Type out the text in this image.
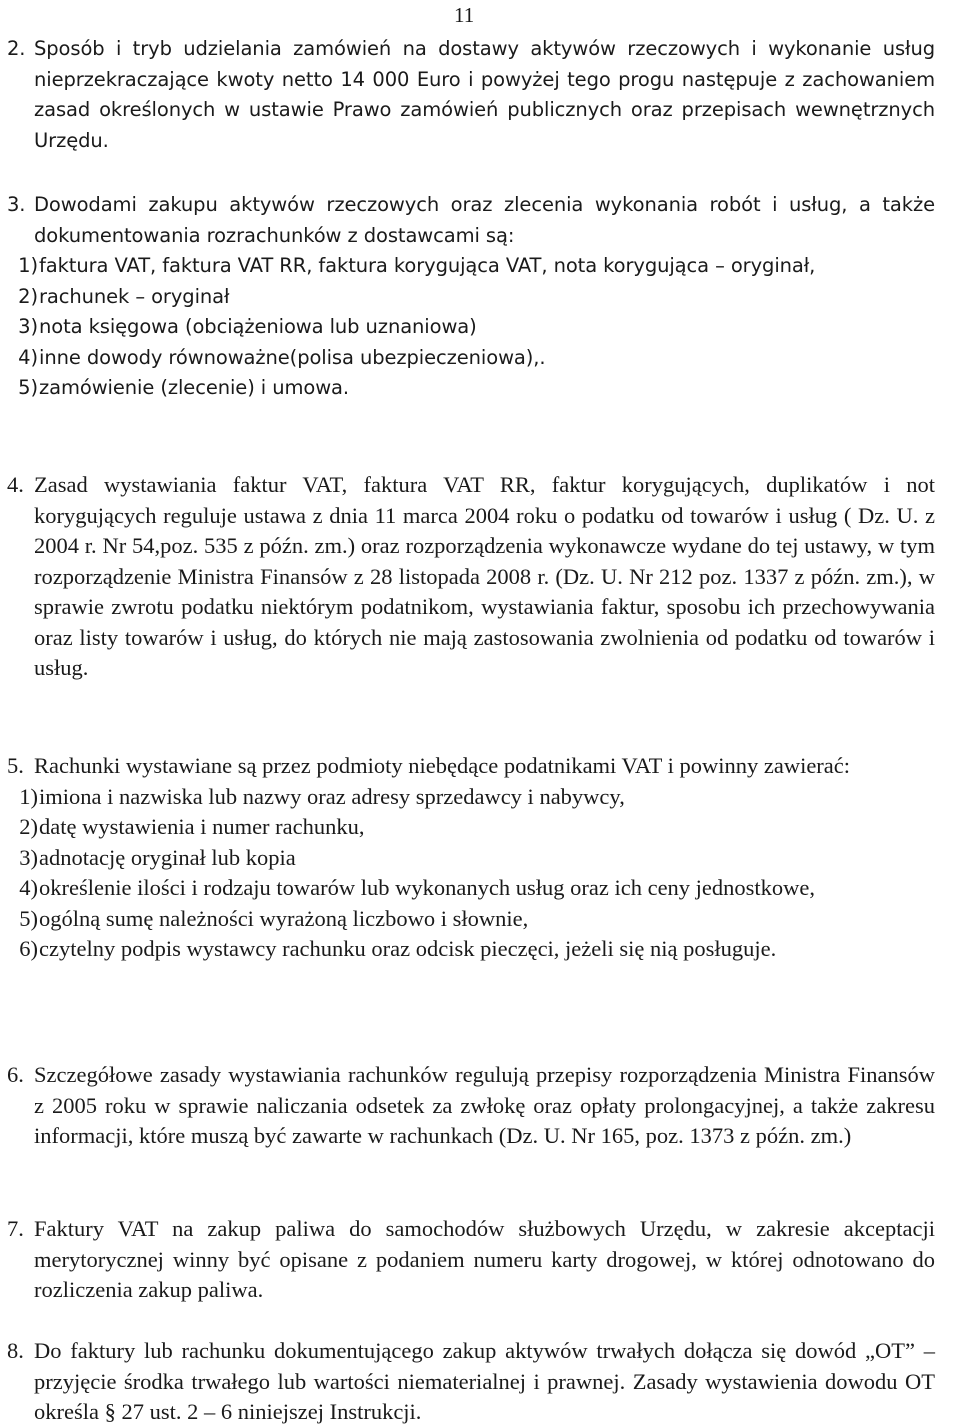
11
2. Sposób i tryb udzielania zamówień na dostawy aktywów rzeczowych i wykonanie usług nieprzekraczające kwoty netto 14 000 Euro i powyżej tego progu następuje z zachowaniem zasad określonych w ustawie Prawo zamówień publicznych oraz przepisach wewnętrznych Urzędu.
3. Dowodami zakupu aktywów rzeczowych oraz zlecenia wykonania robót i usług, a także dokumentowania rozrachunków z dostawcami są:
1) faktura VAT, faktura VAT RR, faktura korygująca VAT, nota korygująca – oryginał,
2) rachunek – oryginał
3) nota księgowa (obciążeniowa lub uznaniowa)
4) inne dowody równoważne(polisa ubezpieczeniowa),.
5) zamówienie (zlecenie) i umowa.
4. Zasad wystawiania faktur VAT, faktura VAT RR, faktur korygujących, duplikatów i not korygujących reguluje ustawa z dnia 11 marca 2004 roku o podatku od towarów i usług ( Dz. U. z 2004 r. Nr 54,poz. 535 z późn. zm.) oraz rozporządzenia wykonawcze wydane do tej ustawy, w tym rozporządzenie Ministra Finansów z 28 listopada 2008 r. (Dz. U. Nr 212 poz. 1337 z późn. zm.), w sprawie zwrotu podatku niektórym podatnikom, wystawiania faktur, sposobu ich przechowywania oraz listy towarów i usług, do których nie mają zastosowania zwolnienia od podatku od towarów i usług.
5. Rachunki wystawiane są przez podmioty niebędące podatnikami VAT i powinny zawierać:
1) imiona i nazwiska lub nazwy oraz adresy sprzedawcy i nabywcy,
2) datę wystawienia i numer rachunku,
3) adnotację oryginał lub kopia
4) określenie ilości i rodzaju towarów lub wykonanych usług oraz ich ceny jednostkowe,
5) ogólną sumę należności wyrażoną liczbowo i słownie,
6) czytelny podpis wystawcy rachunku oraz odcisk pieczęci, jeżeli się nią posługuje.
6. Szczegółowe zasady wystawiania rachunków regulują przepisy rozporządzenia Ministra Finansów z 2005 roku w sprawie naliczania odsetek za zwłokę oraz opłaty prolongacyjnej, a także zakresu informacji, które muszą być zawarte w rachunkach (Dz. U. Nr 165, poz. 1373 z późn. zm.)
7. Faktury VAT na zakup paliwa do samochodów służbowych Urzędu, w zakresie akceptacji merytorycznej winny być opisane z podaniem numeru karty drogowej, w której odnotowano do rozliczenia zakup paliwa.
8. Do faktury lub rachunku dokumentującego zakup aktywów trwałych dołącza się dowód „OT” – przyjęcie środka trwałego lub wartości niematerialnej i prawnej. Zasady wystawienia dowodu OT określa § 27 ust. 2 – 6 niniejszej Instrukcji.
